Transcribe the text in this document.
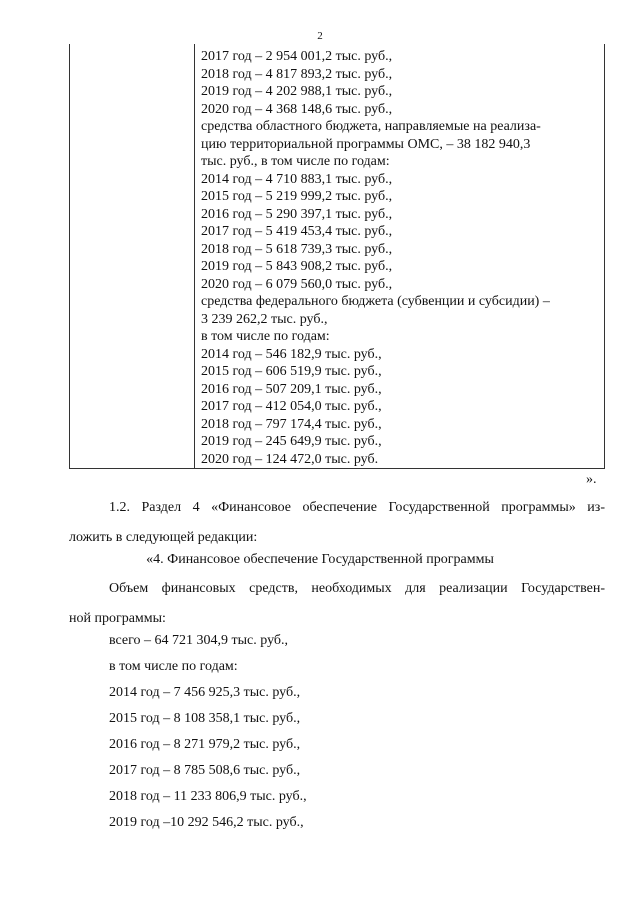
2
2017 год – 2 954 001,2 тыс. руб.,
2018 год – 4 817 893,2 тыс. руб.,
2019 год – 4 202 988,1 тыс. руб.,
2020 год – 4 368 148,6 тыс. руб.,
средства областного бюджета, направляемые на реализа-
цию территориальной программы ОМС, – 38 182 940,3
тыс. руб., в том числе по годам:
2014 год – 4 710 883,1 тыс. руб.,
2015 год – 5 219 999,2 тыс. руб.,
2016 год – 5 290 397,1 тыс. руб.,
2017 год – 5 419 453,4 тыс. руб.,
2018 год – 5 618 739,3 тыс. руб.,
2019 год – 5 843 908,2 тыс. руб.,
2020 год – 6 079 560,0 тыс. руб.,
средства федерального бюджета (субвенции и субсидии) –
3 239 262,2 тыс. руб.,
в том числе по годам:
2014 год – 546 182,9 тыс. руб.,
2015 год – 606 519,9 тыс. руб.,
2016 год – 507 209,1 тыс. руб.,
2017 год – 412 054,0 тыс. руб.,
2018 год – 797 174,4 тыс. руб.,
2019 год – 245 649,9 тыс. руб.,
2020 год – 124 472,0 тыс. руб.
».
1.2. Раздел 4 «Финансовое обеспечение Государственной программы» из-
ложить в следующей редакции:
«4. Финансовое обеспечение Государственной программы
Объем финансовых средств, необходимых для реализации Государствен-
ной программы:
всего – 64 721 304,9 тыс. руб.,
в том числе по годам:
2014 год – 7 456 925,3 тыс. руб.,
2015 год – 8 108 358,1 тыс. руб.,
2016 год – 8 271 979,2 тыс. руб.,
2017 год – 8 785 508,6 тыс. руб.,
2018 год – 11 233 806,9 тыс. руб.,
2019 год –10 292 546,2 тыс. руб.,
